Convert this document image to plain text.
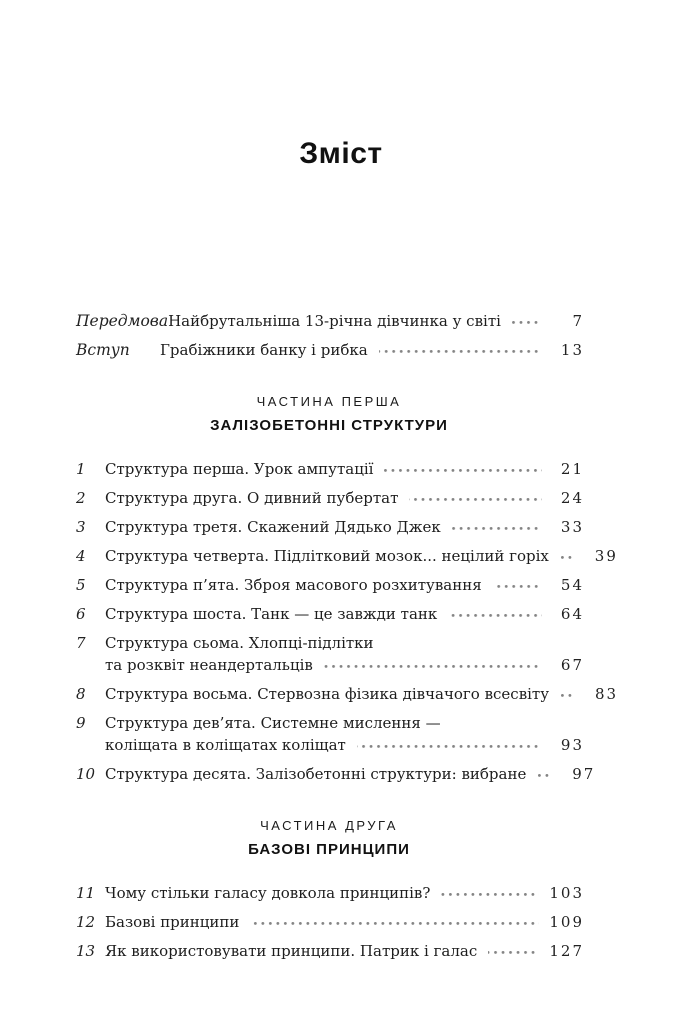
Зміст
Передмова Найбрутальніша 13-річна дівчинка у світі	7
Вступ	Грабіжники банку і рибка	13
ЧАСТИНА ПЕРША
ЗАЛІЗОБЕТОННІ СТРУКТУРИ
1	Структура перша. Урок ампутації	21
2	Структура друга. О дивний пубертат	24
3	Структура третя. Скажений Дядько Джек	33
4	Структура четверта. Підлітковий мозок... нецілий горіх	39
5	Структура п’ята. Зброя масового розхитування	54
6	Структура шоста. Танк — це завжди танк	64
7	Структура сьома. Хлопці-підлітки
та розквіт неандертальців	67
8	Структура восьма. Стервозна фізика дівчачого всесвіту	83
9	Структура дев’ята. Системне мислення —
коліщата в коліщатах коліщат	93
10 Структура десята. Залізобетонні структури: вибране	97
ЧАСТИНА ДРУГА
БАЗОВІ ПРИНЦИПИ
11 Чому стільки галасу довкола принципів?	103
12 Базові принципи	109
13 Як використовувати принципи. Патрик і галас	127
